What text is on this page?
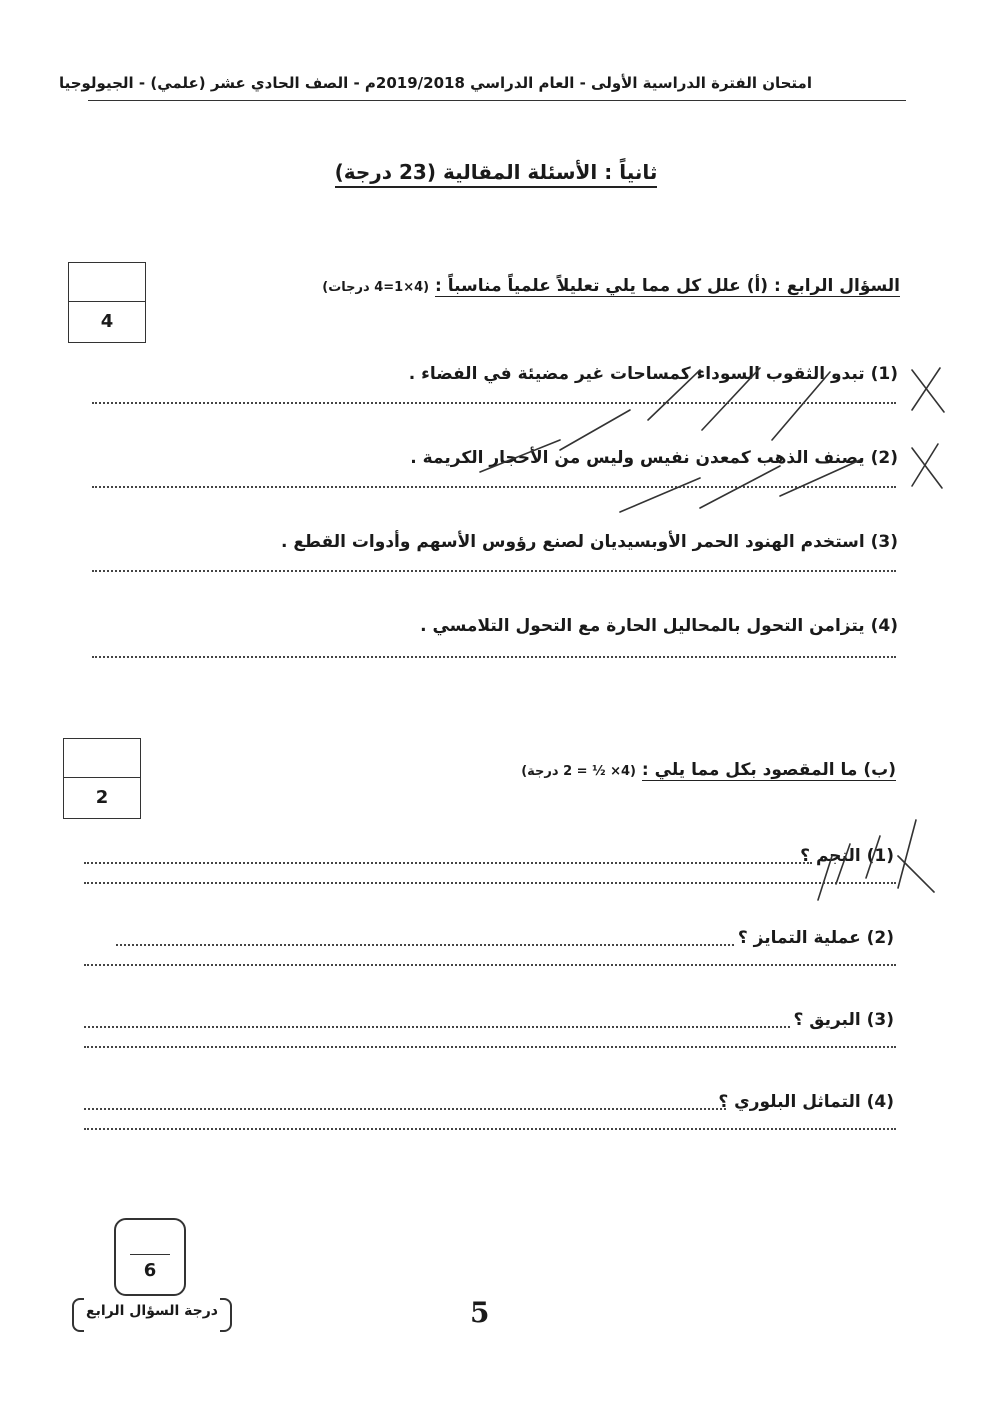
امتحان الفترة الدراسية الأولى - العام الدراسي 2019/2018م - الصف الحادي عشر (علمي) - الجيولوجيا
ثانياً : الأسئلة المقالية (23 درجة)
4
السؤال الرابع : (أ) علل كل مما يلي تعليلاً علمياً مناسباً : (4×1=4 درجات)
(1) تبدو الثقوب السوداء كمساحات غير مضيئة في الفضاء .
(2) يصنف الذهب كمعدن نفيس وليس من الأحجار الكريمة .
(3) استخدم الهنود الحمر الأوبسيديان لصنع رؤوس الأسهم وأدوات القطع .
(4) يتزامن التحول بالمحاليل الحارة مع التحول التلامسي .
2
(ب) ما المقصود بكل مما يلي : (4× ½ = 2 درجة)
(1) النجم ؟
(2) عملية التمايز ؟
(3) البريق ؟
(4) التماثل البلوري ؟
6
درجة السؤال الرابع	5
